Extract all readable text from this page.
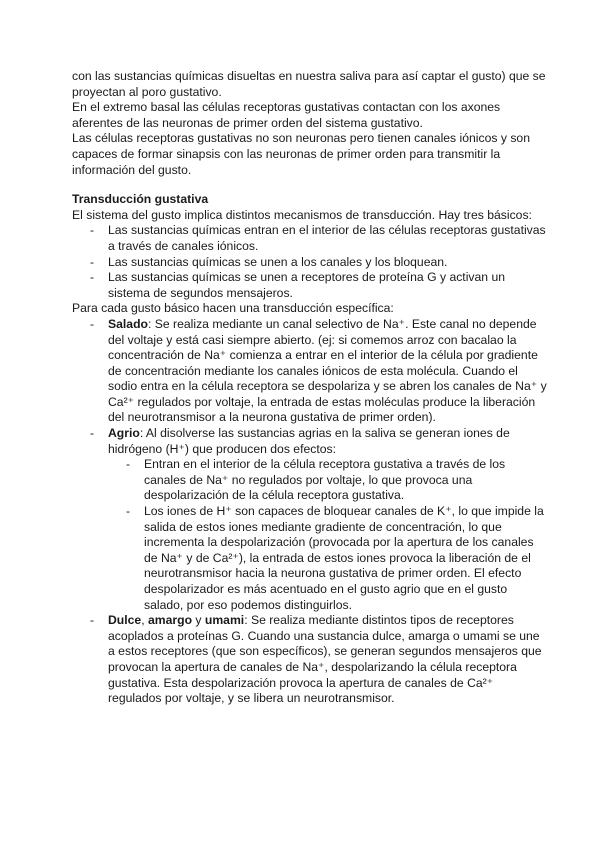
con las sustancias químicas disueltas en nuestra saliva para así captar el gusto) que se proyectan al poro gustativo.

En el extremo basal las células receptoras gustativas contactan con los axones aferentes de las neuronas de primer orden del sistema gustativo.

Las células receptoras gustativas no son neuronas pero tienen canales iónicos y son capaces de formar sinapsis con las neuronas de primer orden para transmitir la información del gusto.

Transducción gustativa

El sistema del gusto implica distintos mecanismos de transducción. Hay tres básicos:

- Las sustancias químicas entran en el interior de las células receptoras gustativas a través de canales iónicos.
- Las sustancias químicas se unen a los canales y los bloquean.
- Las sustancias químicas se unen a receptores de proteína G y activan un sistema de segundos mensajeros.

Para cada gusto básico hacen una transducción específica:

- Salado: Se realiza mediante un canal selectivo de Na⁺. Este canal no depende del voltaje y está casi siempre abierto. (ej: si comemos arroz con bacalao la concentración de Na⁺ comienza a entrar en el interior de la célula por gradiente de concentración mediante los canales iónicos de esta molécula. Cuando el sodio entra en la célula receptora se despolariza y se abren los canales de Na⁺ y Ca²⁺ regulados por voltaje, la entrada de estas moléculas produce la liberación del neurotransmisor a la neurona gustativa de primer orden).
- Agrio: Al disolverse las sustancias agrias en la saliva se generan iones de hidrógeno (H⁺) que producen dos efectos:
- Entran en el interior de la célula receptora gustativa a través de los canales de Na⁺ no regulados por voltaje, lo que provoca una despolarización de la célula receptora gustativa.
- Los iones de H⁺ son capaces de bloquear canales de K⁺, lo que impide la salida de estos iones mediante gradiente de concentración, lo que incrementa la despolarización (provocada por la apertura de los canales de Na⁺ y de Ca²⁺), la entrada de estos iones provoca la liberación de el neurotransmisor hacia la neurona gustativa de primer orden. El efecto despolarizador es más acentuado en el gusto agrio que en el gusto salado, por eso podemos distinguirlos.
- Dulce, amargo y umami: Se realiza mediante distintos tipos de receptores acoplados a proteínas G. Cuando una sustancia dulce, amarga o umami se une a estos receptores (que son específicos), se generan segundos mensajeros que provocan la apertura de canales de Na⁺, despolarizando la célula receptora gustativa. Esta despolarización provoca la apertura de canales de Ca²⁺ regulados por voltaje, y se libera un neurotransmisor.
